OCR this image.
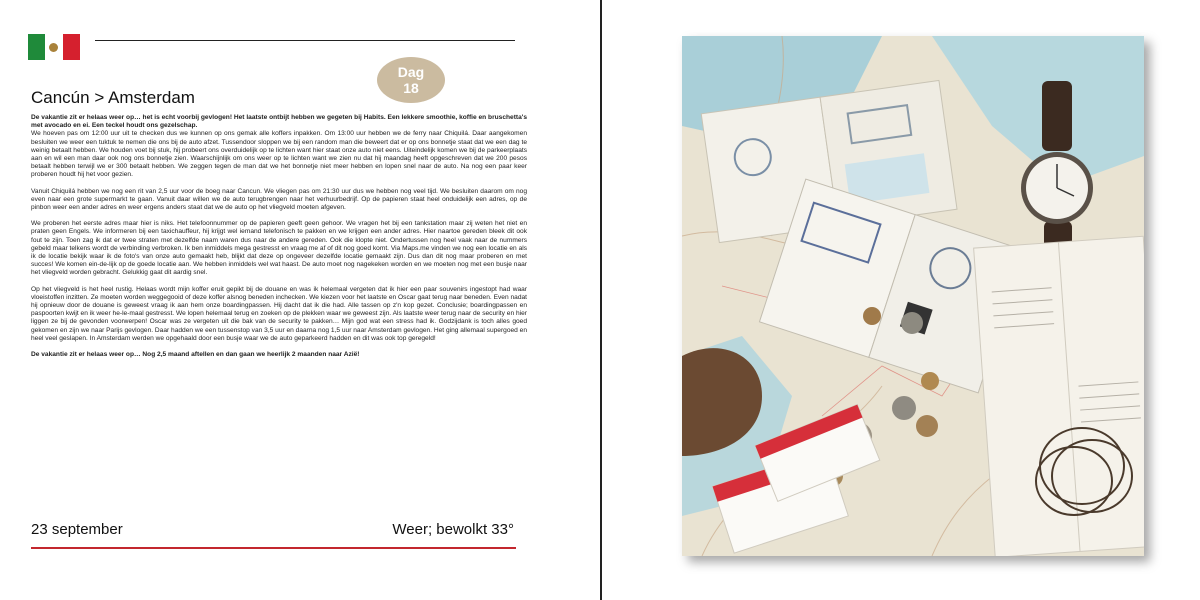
Dag
18
Cancún > Amsterdam

De vakantie zit er helaas weer op… het is echt voorbij gevlogen! Het laatste ontbijt hebben we gegeten bij Habits. Een lekkere smoothie, koffie en bruschetta's met avocado en ei. Een teckel houdt ons gezelschap.

We hoeven pas om 12:00 uur uit te checken dus we kunnen op ons gemak alle koffers inpakken. Om 13:00 uur hebben we de ferry naar Chiquilá. Daar aangekomen besluiten we weer een tuktuk te nemen die ons bij de auto afzet. Tussendoor sloppen we bij een random man die beweert dat er op ons bonnetje staat dat we een dag te weinig betaalt hebben. We houden voet bij stuk, hij probeert ons overduidelijk op te lichten want hier staat onze auto niet eens. Uiteindelijk komen we bij de parkeerplaats aan en wil een man daar ook nog ons bonnetje zien. Waarschijnlijk om ons weer op te lichten want we zien nu dat hij maandag heeft opgeschreven dat we 200 pesos betaalt hebben terwijl we er 300 betaalt hebben. We zeggen tegen de man dat we het bonnetje niet meer hebben en lopen snel naar de auto. Na nog een paar keer proberen houdt hij het voor gezien.

Vanuit Chiquilá hebben we nog een rit van 2,5 uur voor de boeg naar Cancun. We vliegen pas om 21:30 uur dus we hebben nog veel tijd. We besluiten daarom om nog even naar een grote supermarkt te gaan. Vanuit daar willen we de auto terugbrengen naar het verhuurbedrijf. Op de papieren staat heel onduidelijk een adres, op de pinbon weer een ander adres en weer ergens anders staat dat we de auto op het vliegveld moeten afgeven.

We proberen het eerste adres maar hier is niks. Het telefoonnummer op de papieren geeft geen gehoor. We vragen het bij een tankstation maar zij weten het niet en praten geen Engels. We informeren bij een taxichauffeur, hij krijgt wel iemand telefonisch te pakken en we krijgen een ander adres. Hier naartoe gereden bleek dit ook fout te zijn. Toen zag ik dat er twee straten met dezelfde naam waren dus naar de andere gereden. Ook die klopte niet. Ondertussen nog heel vaak naar de nummers gebeld maar telkens wordt de verbinding verbroken. Ik ben inmiddels mega gestresst en vraag me af of dit nog goed komt. Via Maps.me vinden we nog een locatie en als ik de locatie bekijk waar ik de foto's van onze auto gemaakt heb, blijkt dat deze op ongeveer dezelfde locatie gemaakt zijn. Dus dan dit nog maar proberen en met succes! We komen ein-de-lijk op de goede locatie aan. We hebben inmiddels wel wat haast. De auto moet nog nagekeken worden en we moeten nog met een busje naar het vliegveld worden gebracht. Gelukkig gaat dit aardig snel.

Op het vliegveld is het heel rustig. Helaas wordt mijn koffer eruit gepikt bij de douane en was ik helemaal vergeten dat ik hier een paar souvenirs ingestopt had waar vloeistoffen inzitten. Ze moeten worden weggegooid of deze koffer alsnog beneden inchecken. We kiezen voor het laatste en Oscar gaat terug naar beneden. Even nadat hij opnieuw door de douane is geweest vraag ik aan hem onze boardingpassen. Hij dacht dat ik die had. Alle tassen op z'n kop gezet. Conclusie; boardingpassen en paspoorten kwijt en ik weer he-le-maal gestresst. We lopen helemaal terug en zoeken op de plekken waar we geweest zijn. Als laatste weer terug naar de security en hier liggen ze bij de gevonden voorwerpen! Oscar was ze vergeten uit die bak van de security te pakken… Mijn god wat een stress had ik. Godzijdank is toch alles goed gekomen en zijn we naar Parijs gevlogen. Daar hadden we een tussenstop van 3,5 uur en daarna nog 1,5 uur naar Amsterdam gevlogen. Het ging allemaal supergoed en heel veel geslapen. In Amsterdam werden we opgehaald door een busje waar we de auto geparkeerd hadden en dit was ook top geregeld!

De vakantie zit er helaas weer op… Nog 2,5 maand aftellen en dan gaan we heerlijk 2 maanden naar Azië!

23 september	Weer; bewolkt 33°
